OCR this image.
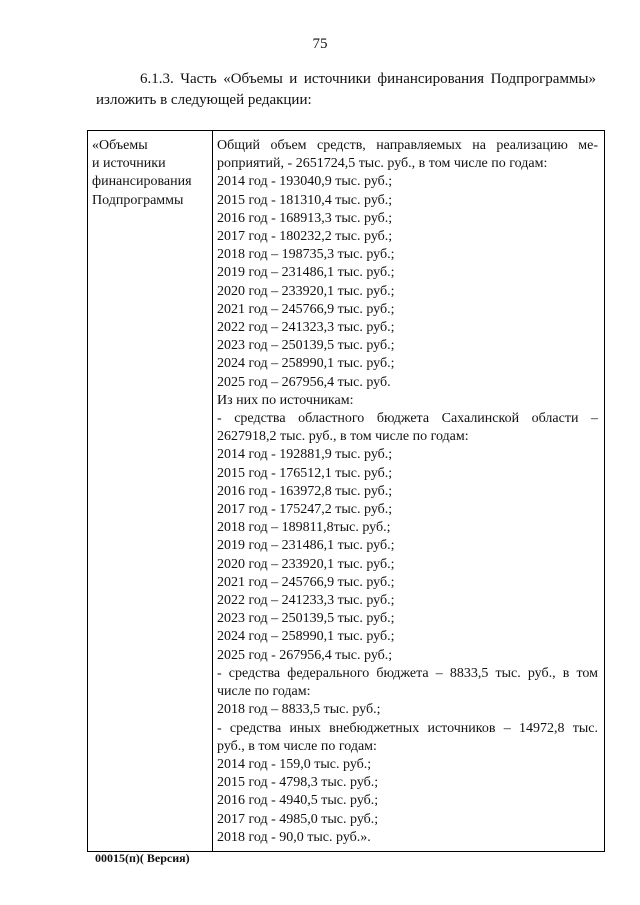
75
6.1.3. Часть «Объемы и источники финансирования Подпрограммы»
изложить в следующей редакции:
«Объемы
и источники
финансирования
Подпрограммы

Общий объем средств, направляемых на реализацию ме-
роприятий, - 2651724,5 тыс. руб., в том числе по годам:
2014 год - 193040,9 тыс. руб.;
2015 год - 181310,4 тыс. руб.;
2016 год - 168913,3 тыс. руб.;
2017 год - 180232,2 тыс. руб.;
2018 год – 198735,3 тыс. руб.;
2019 год – 231486,1 тыс. руб.;
2020 год – 233920,1 тыс. руб.;
2021 год – 245766,9 тыс. руб.;
2022 год – 241323,3 тыс. руб.;
2023 год – 250139,5 тыс. руб.;
2024 год – 258990,1 тыс. руб.;
2025 год – 267956,4 тыс. руб.
Из них по источникам:
- средства областного бюджета Сахалинской области –
2627918,2 тыс. руб., в том числе по годам:
2014 год - 192881,9 тыс. руб.;
2015 год - 176512,1 тыс. руб.;
2016 год - 163972,8 тыс. руб.;
2017 год - 175247,2 тыс. руб.;
2018 год – 189811,8тыс. руб.;
2019 год – 231486,1 тыс. руб.;
2020 год – 233920,1 тыс. руб.;
2021 год – 245766,9 тыс. руб.;
2022 год – 241233,3 тыс. руб.;
2023 год – 250139,5 тыс. руб.;
2024 год – 258990,1 тыс. руб.;
2025 год - 267956,4 тыс. руб.;
- средства федерального бюджета – 8833,5 тыс. руб., в том
числе по годам:
2018 год – 8833,5 тыс. руб.;
- средства иных внебюджетных источников – 14972,8 тыс.
руб., в том числе по годам:
2014 год - 159,0 тыс. руб.;
2015 год - 4798,3 тыс. руб.;
2016 год - 4940,5 тыс. руб.;
2017 год - 4985,0 тыс. руб.;
2018 год - 90,0 тыс. руб.».
00015(п)( Версия)
